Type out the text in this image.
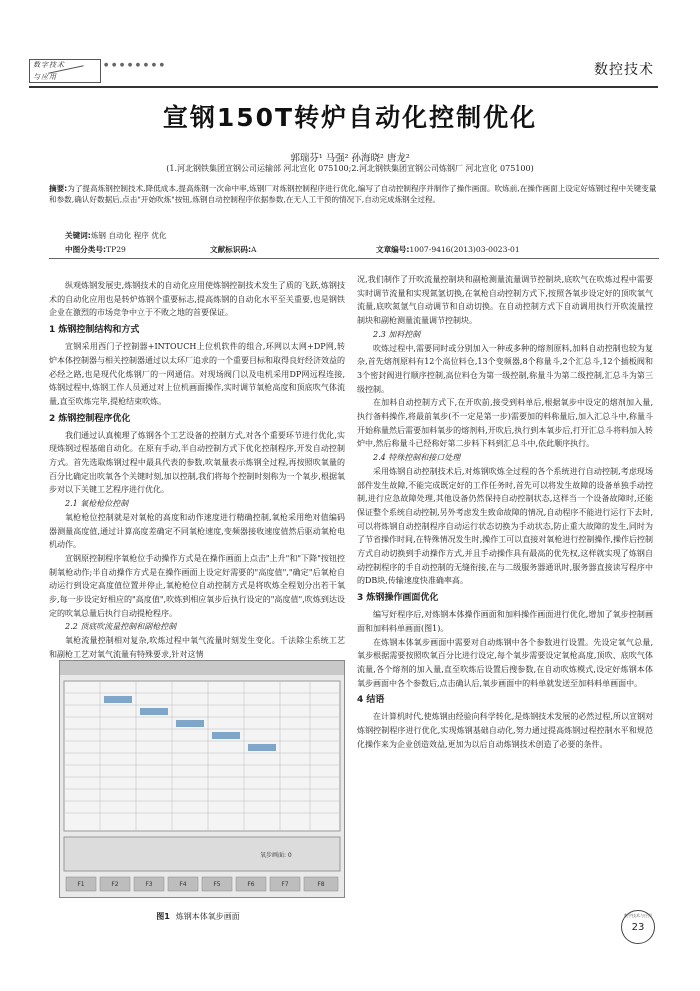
数字技术
与应用
● ● ● ● ● ● ● ●	数控技术
宣钢150T转炉自动化控制优化
郭瑞芬¹ 马强² 孙海晓² 唐龙²
(1.河北钢铁集团宣钢公司运输部 河北宣化 075100;2.河北钢铁集团宣钢公司炼钢厂 河北宣化 075100)
摘要:为了提高炼钢控制技术,降低成本,提高炼钢一次命中率,炼钢厂对炼钢控制程序进行优化,编写了自动控制程序并制作了操作画面。吹炼前,在操作画面上设定好炼钢过程中关键变量和参数,确认好数据后,点击"开始吹炼"按钮,炼钢自动控制程序依据参数,在无人工干预的情况下,自动完成炼钢全过程。
关键词:炼钢 自动化 程序 优化
中图分类号:TP29	文献标识码:A	文章编号:1007-9416(2013)03-0023-01

纵观炼钢发展史,炼钢技术的自动化应用使炼钢控制技术发生了质的飞跃,炼钢技术的自动化应用也是转炉炼钢个重要标志,提高炼钢的自动化水平至关重要,也是钢铁企业在激烈的市场竞争中立于不败之地的首要保证。

1 炼钢控制结构和方式

宣钢采用西门子控制器+INTOUCH上位机软件的组合,环网以太网+DP网,转炉本体控制器与相关控制器通过以太环厂追求的一个重要目标和取得良好经济效益的必经之路,也是现代化炼钢厂的一网通信。对现场阀门以及电机采用DP网远程连接,炼钢过程中,炼钢工作人员通过对上位机画面操作,实时调节氧枪高度和顶底吹气体流量,直至吹炼完毕,提枪结束吹炼。

2 炼钢控制程序优化

我们通过认真梳理了炼钢各个工艺设备的控制方式,对各个重要环节进行优化,实现炼钢过程基础自动化。在原有手动,半自动控制方式下优化控制程序,开发自动控制方式。首先选取炼钢过程中最具代表的参数,吹氧量表示炼钢全过程,再按照吹氧量的百分比确定出吹氧各个关键时刻,加以控制,我们将每个控制时刻称为一个氧步,根据氧步对以下关键工艺程序进行优化。

2.1 氧枪枪位控制

氧枪枪位控制就是对氧枪的高度和动作速度进行精确控制,氧枪采用绝对值编码器测量高度值,通过计算高度差确定不同氧枪速度,变频器接收速度值然后驱动氧枪电机动作。

宣钢原控制程序氧枪位手动操作方式是在操作画面上点击"上升"和"下降"按钮控制氧枪动作;半自动操作方式是在操作画面上设定好需要的"高度值","确定"后氧枪自动运行到设定高度值位置并停止,氧枪枪位自动控制方式是将吹炼全程划分出若干氧步,每一步设定好相应的"高度值",吹炼到相应氧步后执行设定的"高度值",吹炼到达设定的吹氧总量后执行自动提枪程序。

2.2 顶底吹流量控制和副枪控制

氧枪流量控制相对复杂,吹炼过程中氧气流量时刻发生变化。千法除尘系统工艺和副枪工艺对氧气流量有特殊要求,针对这情

F1	F2	F3	F4	F5	F6	F7	F8
氧步画面: 0
图1 炼钢本体氧步画面

况,我们制作了开吹流量控制块和副枪测量流量调节控制块,底吹气在吹炼过程中需要实时调节流量和实现氮氩切换,在氧枪自动控制方式下,按照各氧步设定好的顶吹氧气流量,底吹氮氩气自动调节和自动切换。在自动控制方式下自动调用执行开吹流量控制块和副枪测量流量调节控制块。

2.3 加料控制

吹炼过程中,需要同时或分别加入一种或多种的熔剂原料,加料自动控制也较为复杂,首先熔剂原料有12个高位料仓,13个变频器,8个称量斗,2个汇总斗,12个插板阀和3个密封阀进行顺序控制,高位料仓为第一级控制,称量斗为第二级控制,汇总斗为第三级控制。

在加料自动控制方式下,在开吹前,接受到料单后,根据氧步中设定的熔剂加入量,执行备料操作,将最前氧步(不一定是第一步)需要加的料称量后,加入汇总斗中,称量斗开始称量然后需要加料氧步的熔剂料,开吹后,执行到本氧步后,打开汇总斗将料加入转炉中,然后称量斗已经称好第二步料下料到汇总斗中,依此顺序执行。

2.4 特殊控制和接口处理

采用炼钢自动控制技术后,对炼钢吹炼全过程的各个系统进行自动控制,考虑现场部件发生故障,不能完成既定好的工作任务时,首先可以将发生故障的设备单独手动控制,进行应急故障处理,其他设备仍然保持自动控制状态,这样当一个设备故障时,还能保证整个系统自动控制,另外考虑发生致命故障的情况,自动程序不能进行运行下去时,可以将炼钢自动控制程序自动运行状态切换为手动状态,防止重大故障的发生,同时为了节省操作时间,在特殊情况发生时,操作工可以直接对氧枪进行控制操作,操作后控制方式自动切换到手动操作方式,并且手动操作具有最高的优先权,这样就实现了炼钢自动控制程序的手自动控制的无缝衔接,在与二级服务器通讯时,服务器直接读写程序中的DB块,传输速度快准确率高。

3 炼钢操作画面优化

编写好程序后,对炼钢本体操作画面和加料操作画面进行优化,增加了氧步控制画面和加料料单画面(图1)。

在炼钢本体氧步画面中需要对自动炼钢中各个参数进行设置。先设定氧气总量,氧步根据需要按照吹氧百分比进行设定,每个氧步需要设定氧枪高度,顶吹、底吹气体流量,各个熔剂的加入量,直至吹炼后设置后搜参数,在自动吹炼模式,设定好炼钢本体氧步画面中各个参数后,点击确认后,氧步画面中的料单就发送至加料料单画面中。

4 结语

在计算机时代,使炼钢由经验向科学转化,是炼钢技术发展的必然过程,所以宣钢对炼钢控制程序进行优化,实现炼钢基础自动化,努力通过提高炼钢过程控制水平和规范化操作来为企业创造效益,更加为以后自动炼钢技术创造了必要的条件。

数字技术与应用
23
